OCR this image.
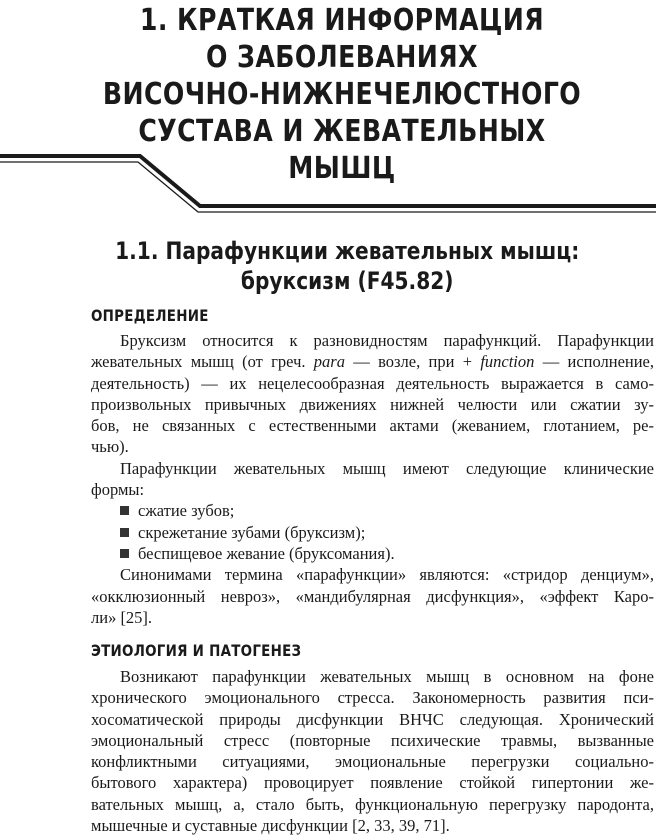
1. КРАТКАЯ ИНФОРМАЦИЯ
О ЗАБОЛЕВАНИЯХ
ВИСОЧНО-НИЖНЕЧЕЛЮСТНОГО
СУСТАВА И ЖЕВАТЕЛЬНЫХ
МЫШЦ
1.1. Парафункции жевательных мышц:
бруксизм (F45.82)
ОПРЕДЕЛЕНИЕ
Бруксизм относится к разновидностям парафункций. Парафункции
жевательных мышц (от греч. para — возле, при + function — исполнение,
деятельность) — их нецелесообразная деятельность выражается в само-
произвольных привычных движениях нижней челюсти или сжатии зу-
бов, не связанных с естественными актами (жеванием, глотанием, ре-
чью).
Парафункции жевательных мышц имеют следующие клинические
формы:
сжатие зубов;
скрежетание зубами (бруксизм);
беспищевое жевание (бруксомания).
Синонимами термина «парафункции» являются: «стридор денциум»,
«окклюзионный невроз», «мандибулярная дисфункция», «эффект Каро-
ли» [25].
ЭТИОЛОГИЯ И ПАТОГЕНЕЗ
Возникают парафункции жевательных мышц в основном на фоне
хронического эмоционального стресса. Закономерность развития пси-
хосоматической природы дисфункции ВНЧС следующая. Хронический
эмоциональный стресс (повторные психические травмы, вызванные
конфликтными ситуациями, эмоциональные перегрузки социально-
бытового характера) провоцирует появление стойкой гипертонии же-
вательных мышц, а, стало быть, функциональную перегрузку пародонта,
мышечные и суставные дисфункции [2, 33, 39, 71].
